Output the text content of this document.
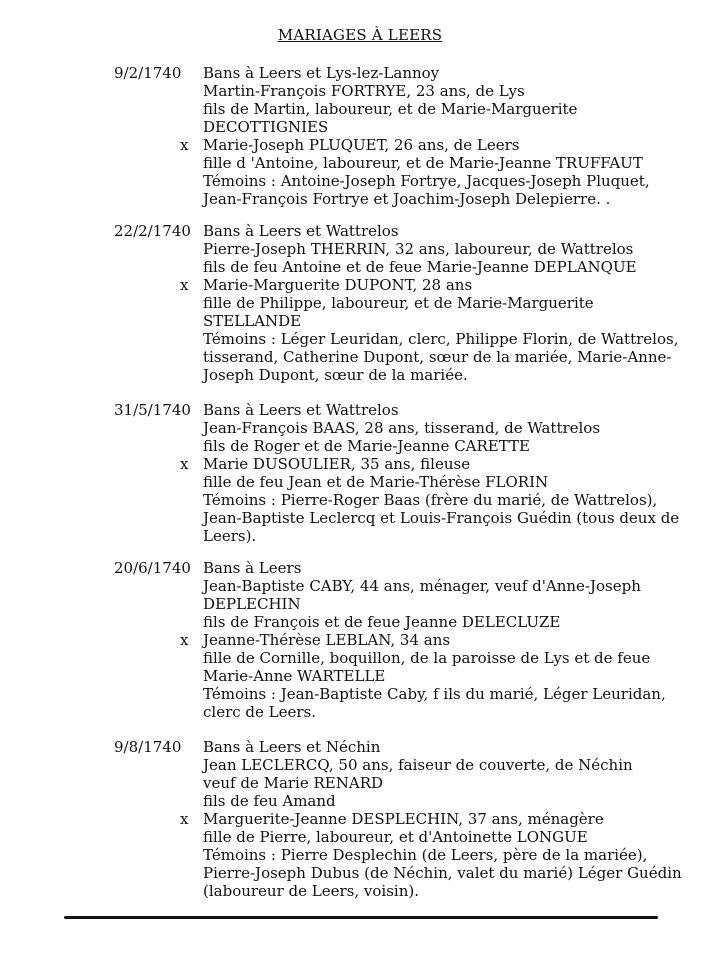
MARIAGES À LEERS
9/2/1740 Bans à Leers et Lys-lez-Lannoy
Martin-François FORTRYE, 23 ans, de Lys
fils de Martin, laboureur, et de Marie-Marguerite
DECOTTIGNIES
x Marie-Joseph PLUQUET, 26 ans, de Leers
fille d 'Antoine, laboureur, et de Marie-Jeanne TRUFFAUT
Témoins : Antoine-Joseph Fortrye, Jacques-Joseph Pluquet,
Jean-François Fortrye et Joachim-Joseph Delepierre. .
22/2/1740 Bans à Leers et Wattrelos
Pierre-Joseph THERRIN, 32 ans, laboureur, de Wattrelos
fils de feu Antoine et de feue Marie-Jeanne DEPLANQUE
x Marie-Marguerite DUPONT, 28 ans
fille de Philippe, laboureur, et de Marie-Marguerite
STELLANDE
Témoins : Léger Leuridan, clerc, Philippe Florin, de Wattrelos,
tisserand, Catherine Dupont, sœur de la mariée, Marie-Anne-
Joseph Dupont, sœur de la mariée.
31/5/1740 Bans à Leers et Wattrelos
Jean-François BAAS, 28 ans, tisserand, de Wattrelos
fils de Roger et de Marie-Jeanne CARETTE
x Marie DUSOULIER, 35 ans, fileuse
fille de feu Jean et de Marie-Thérèse FLORIN
Témoins : Pierre-Roger Baas (frère du marié, de Wattrelos),
Jean-Baptiste Leclercq et Louis-François Guédin (tous deux de
Leers).
20/6/1740 Bans à Leers
Jean-Baptiste CABY, 44 ans, ménager, veuf d'Anne-Joseph
DEPLECHIN
fils de François et de feue Jeanne DELECLUZE
x Jeanne-Thérèse LEBLAN, 34 ans
fille de Cornille, boquillon, de la paroisse de Lys et de feue
Marie-Anne WARTELLE
Témoins : Jean-Baptiste Caby, f ils du marié, Léger Leuridan,
clerc de Leers.
9/8/1740 Bans à Leers et Néchin
Jean LECLERCQ, 50 ans, faiseur de couverte, de Néchin
veuf de Marie RENARD
fils de feu Amand
x Marguerite-Jeanne DESPLECHIN, 37 ans, ménagère
fille de Pierre, laboureur, et d'Antoinette LONGUE
Témoins : Pierre Desplechin (de Leers, père de la mariée),
Pierre-Joseph Dubus (de Néchin, valet du marié) Léger Guédin
(laboureur de Leers, voisin).
